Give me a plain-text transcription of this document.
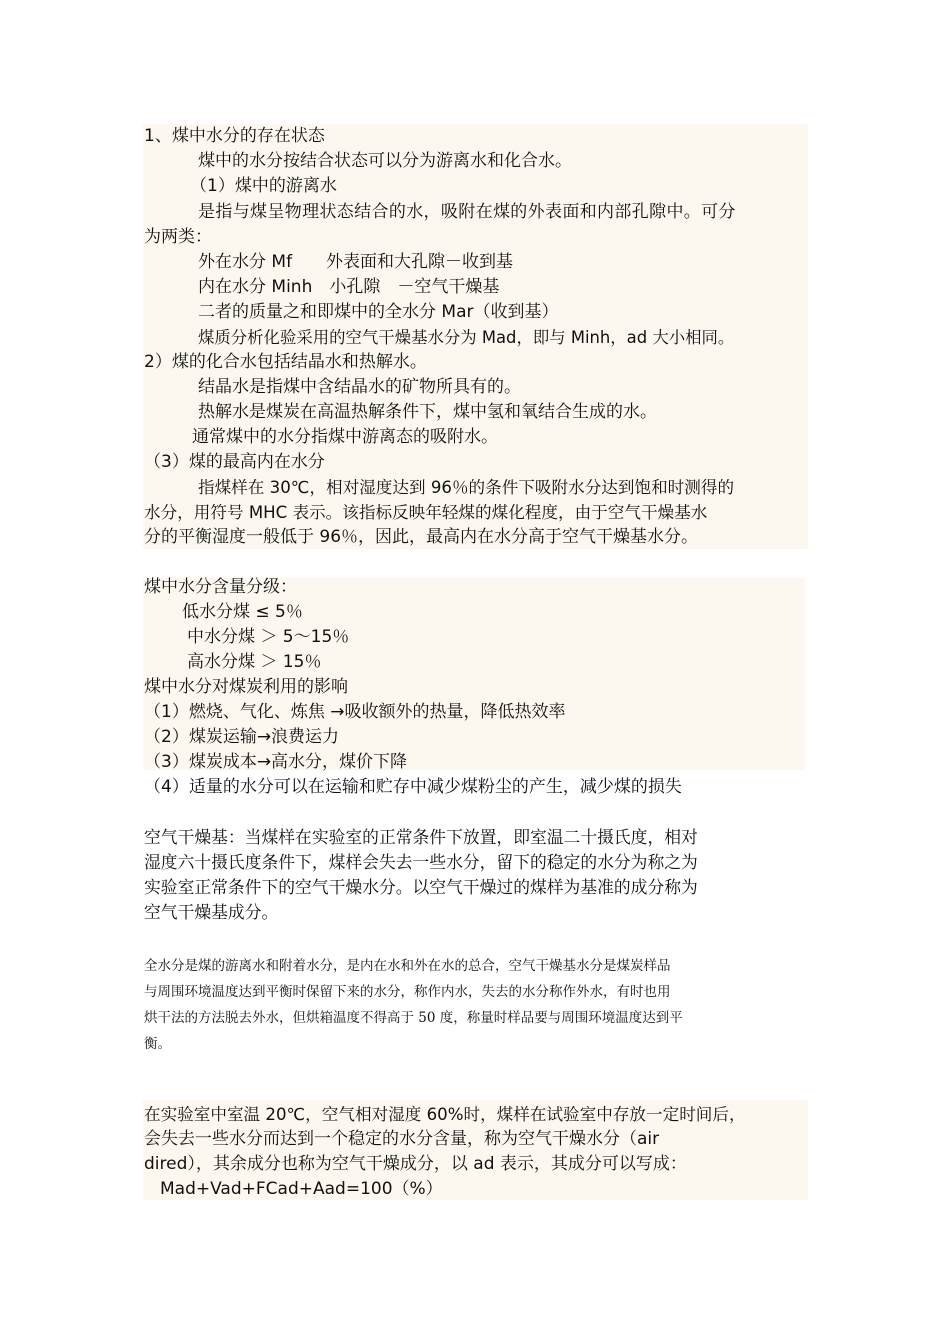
1、煤中水分的存在状态
煤中的水分按结合状态可以分为游离水和化合水。
（1）煤中的游离水
是指与煤呈物理状态结合的水，吸附在煤的外表面和内部孔隙中。可分
为两类：
外在水分 Mf　　外表面和大孔隙－收到基
内在水分 Minh　小孔隙　－空气干燥基
二者的质量之和即煤中的全水分 Mar（收到基）
煤质分析化验采用的空气干燥基水分为 Mad，即与 Minh，ad 大小相同。
2）煤的化合水包括结晶水和热解水。
结晶水是指煤中含结晶水的矿物所具有的。
热解水是煤炭在高温热解条件下，煤中氢和氧结合生成的水。
通常煤中的水分指煤中游离态的吸附水。
（3）煤的最高内在水分
指煤样在 30℃，相对湿度达到 96％的条件下吸附水分达到饱和时测得的
水分，用符号 MHC 表示。该指标反映年轻煤的煤化程度，由于空气干燥基水
分的平衡湿度一般低于 96％，因此，最高内在水分高于空气干燥基水分。
煤中水分含量分级：
低水分煤 ≤ 5％
中水分煤 ＞ 5～15％
高水分煤 ＞ 15％
煤中水分对煤炭利用的影响
（1）燃烧、气化、炼焦 →吸收额外的热量，降低热效率
（2）煤炭运输→浪费运力
（3）煤炭成本→高水分，煤价下降
（4）适量的水分可以在运输和贮存中减少煤粉尘的产生，减少煤的损失
空气干燥基：当煤样在实验室的正常条件下放置，即室温二十摄氏度，相对
湿度六十摄氏度条件下，煤样会失去一些水分，留下的稳定的水分为称之为
实验室正常条件下的空气干燥水分。以空气干燥过的煤样为基准的成分称为
空气干燥基成分。
全水分是煤的游离水和附着水分，是内在水和外在水的总合，空气干燥基水分是煤炭样品
与周围环境温度达到平衡时保留下来的水分，称作内水，失去的水分称作外水，有时也用
烘干法的方法脱去外水，但烘箱温度不得高于 50 度，称量时样品要与周围环境温度达到平
衡。
在实验室中室温 20℃，空气相对湿度 60%时，煤样在试验室中存放一定时间后，
会失去一些水分而达到一个稳定的水分含量，称为空气干燥水分（air
dired），其余成分也称为空气干燥成分，以 ad 表示，其成分可以写成：
Mad+Vad+FCad+Aad=100（%）
